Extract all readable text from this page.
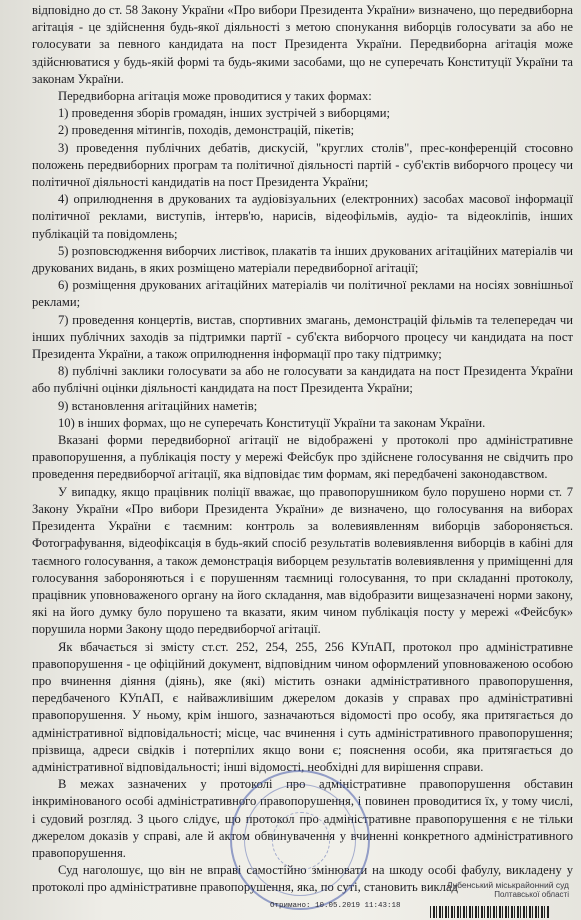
відповідно до ст. 58 Закону України «Про вибори Президента України» визначено, що передвиборна агітація - це здійснення будь-якої діяльності з метою спонукання виборців голосувати за або не голосувати за певного кандидата на пост Президента України. Передвиборна агітація може здійснюватися у будь-якій формі та будь-якими засобами, що не суперечать Конституції України та законам України.

Передвиборна агітація може проводитися у таких формах:

1) проведення зборів громадян, інших зустрічей з виборцями;

2) проведення мітингів, походів, демонстрацій, пікетів;

3) проведення публічних дебатів, дискусій, "круглих столів", прес-конференцій стосовно положень передвиборних програм та політичної діяльності партій - суб'єктів виборчого процесу чи політичної діяльності кандидатів на пост Президента України;

4) оприлюднення в друкованих та аудіовізуальних (електронних) засобах масової інформації політичної реклами, виступів, інтерв'ю, нарисів, відеофільмів, аудіо- та відеокліпів, інших публікацій та повідомлень;

5) розповсюдження виборчих листівок, плакатів та інших друкованих агітаційних матеріалів чи друкованих видань, в яких розміщено матеріали передвиборної агітації;

6) розміщення друкованих агітаційних матеріалів чи політичної реклами на носіях зовнішньої реклами;

7) проведення концертів, вистав, спортивних змагань, демонстрацій фільмів та телепередач чи інших публічних заходів за підтримки партії - суб'єкта виборчого процесу чи кандидата на пост Президента України, а також оприлюднення інформації про таку підтримку;

8) публічні заклики голосувати за або не голосувати за кандидата на пост Президента України або публічні оцінки діяльності кандидата на пост Президента України;

9) встановлення агітаційних наметів;

10) в інших формах, що не суперечать Конституції України та законам України.

Вказані форми передвиборної агітації не відображені у протоколі про адміністративне правопорушення, а публікація посту у мережі Фейсбук про здійснене голосування не свідчить про проведення передвиборчої агітації, яка відповідає тим формам, які передбачені законодавством.

У випадку, якщо працівник поліції вважає, що правопорушником було порушено норми ст. 7 Закону України «Про вибори Президента України» де визначено, що голосування на виборах Президента України є таємним: контроль за волевиявленням виборців забороняється. Фотографування, відеофіксація в будь-який спосіб результатів волевиявлення виборців в кабіні для таємного голосування, а також демонстрація виборцем результатів волевиявлення у приміщенні для голосування забороняються і є порушенням таємниці голосування, то при складанні протоколу, працівник уповноваженого органу на його складання, мав відобразити вищезазначені норми закону, які на його думку було порушено та вказати, яким чином публікація посту у мережі «Фейсбук» порушила норми Закону щодо передвиборчої агітації.

Як вбачається зі змісту ст.ст. 252, 254, 255, 256 КУпАП, протокол про адміністративне правопорушення - це офіційний документ, відповідним чином оформлений уповноваженою особою про вчинення діяння (діянь), яке (які) містить ознаки адміністративного правопорушення, передбаченого КУпАП, є найважливішим джерелом доказів у справах про адміністративні правопорушення. У ньому, крім іншого, зазначаються відомості про особу, яка притягається до адміністративної відповідальності; місце, час вчинення і суть адміністративного правопорушення; прізвища, адреси свідків і потерпілих якщо вони є; пояснення особи, яка притягається до адміністративної відповідальності; інші відомості, необхідні для вирішення справи.

В межах зазначених у протоколі про адміністративне правопорушення обставин інкримінованого особі адміністративного правопорушення, і повинен проводитися їх, у тому числі, і судовий розгляд. З цього слідує, що протокол про адміністративне правопорушення є не тільки джерелом доказів у справі, але й актом обвинувачення у вчиненні конкретного адміністративного правопорушення.

Суд наголошує, що він не вправі самостійно змінювати на шкоду особі фабулу, викладену у протоколі про адміністративне правопорушення, яка, по суті, становить виклад

Лубенський міськрайонний суд
Полтавської області
Отримано: 10.05.2019 11:43:18
